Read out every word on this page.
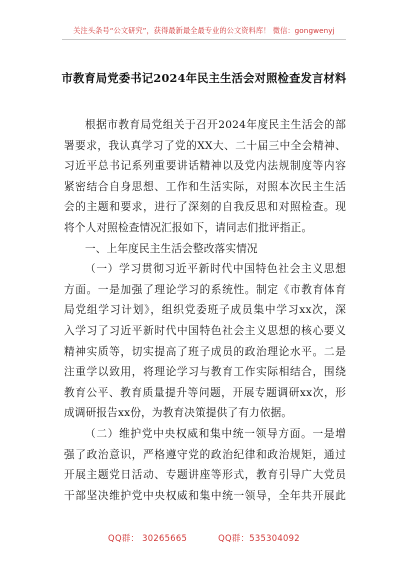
关注头条号“公文研究”，获得最新最全最专业的公文资料库！ 微信：gongwenyj
市教育局党委书记2024年民主生活会对照检查发言材料
根据市教育局党组关于召开2024年度民主生活会的部
署要求，我认真学习了党的XX大、二十届三中全会精神、
习近平总书记系列重要讲话精神以及党内法规制度等内容
紧密结合自身思想、工作和生活实际，对照本次民主生活
会的主题和要求，进行了深刻的自我反思和对照检查。现
将个人对照检查情况汇报如下，请同志们批评指正。
一、上年度民主生活会整改落实情况
（一）学习贯彻习近平新时代中国特色社会主义思想
方面。一是加强了理论学习的系统性。制定《市教育体育
局党组学习计划》，组织党委班子成员集中学习xx次，深
入学习了习近平新时代中国特色社会主义思想的核心要义
精神实质等，切实提高了班子成员的政治理论水平。二是
注重学以致用，将理论学习与教育工作实际相结合，围绕
教育公平、教育质量提升等问题，开展专题调研xx次，形
成调研报告xx份，为教育决策提供了有力依据。
（二）维护党中央权威和集中统一领导方面。一是增
强了政治意识，严格遵守党的政治纪律和政治规矩，通过
开展主题党日活动、专题讲座等形式，教育引导广大党员
干部坚决维护党中央权威和集中统一领导，全年共开展此
QQ群： 30265665	QQ群：535304092
